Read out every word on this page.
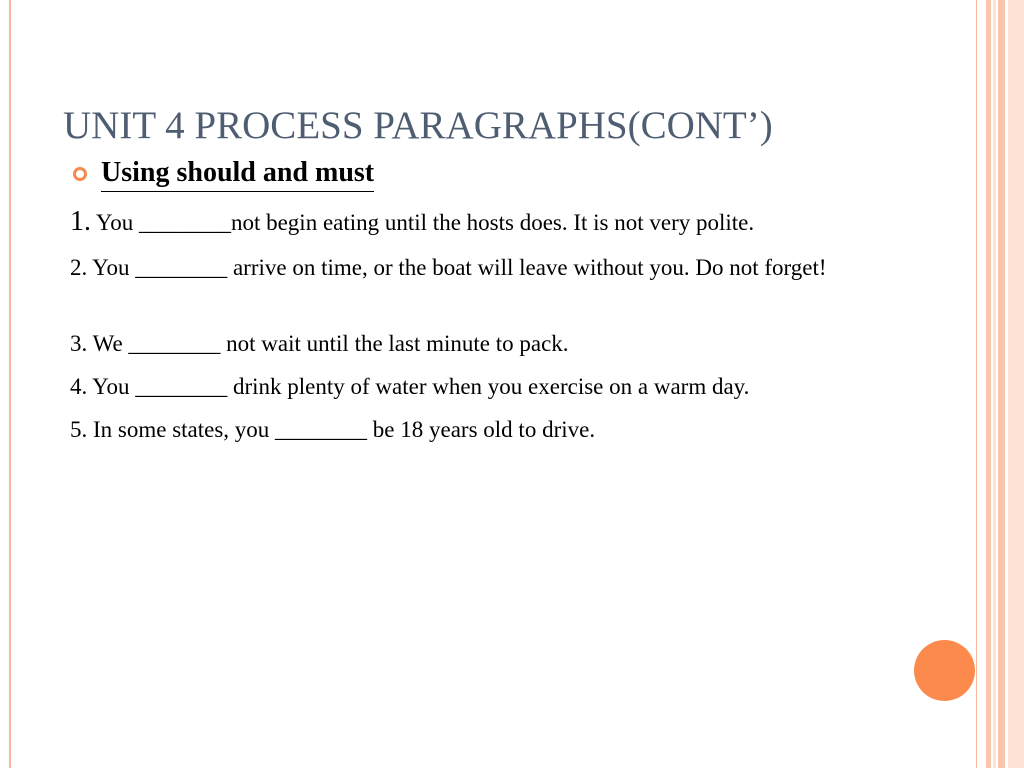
UNIT 4 PROCESS PARAGRAPHS(CONT’)
Using should and must
1. You ________not begin eating until the hosts does. It is not very polite.
2. You ________ arrive on time, or the boat will leave without you. Do not forget!
3. We ________ not wait until the last minute to pack.
4. You ________ drink plenty of water when you exercise on a warm day.
5. In some states, you ________ be 18 years old to drive.
